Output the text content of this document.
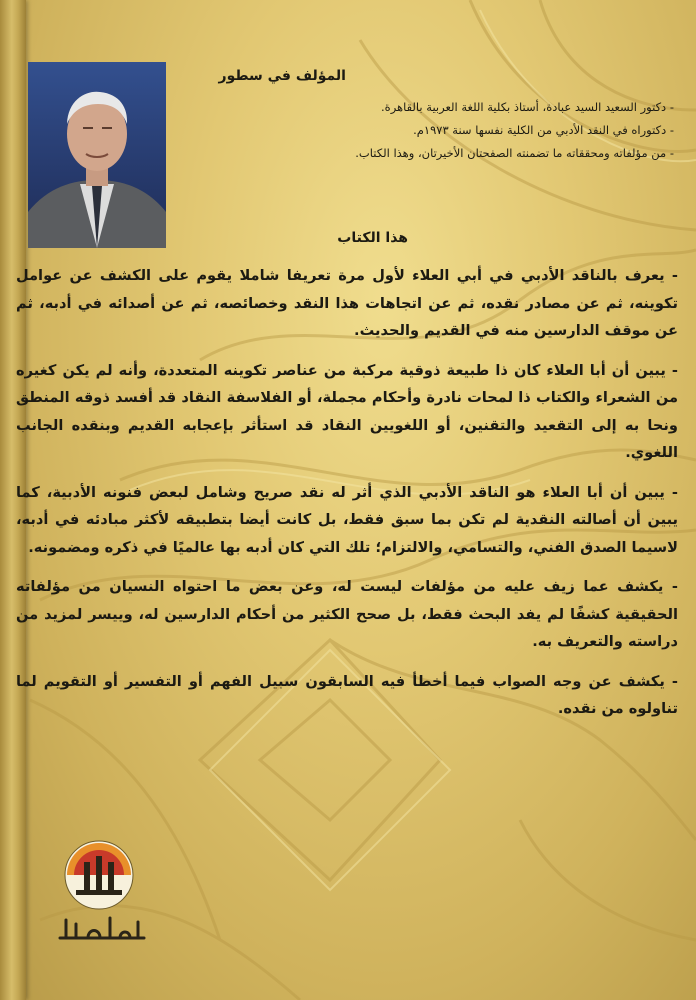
المؤلف في سطور
- دكتور السعيد السيد عبادة، أستاذ بكلية اللغة العربية بالقاهرة.
- دكتوراه في النقد الأدبي من الكلية نفسها سنة ١٩٧٣م.
- من مؤلفاته ومحققاته ما تضمنته الصفحتان الأخيرتان، وهذا الكتاب.
هذا الكتاب

- يعرف بالناقد الأدبي في أبي العلاء لأول مرة تعريفا شاملا يقوم على الكشف عن عوامل تكوينه، ثم عن مصادر نقده، ثم عن اتجاهات هذا النقد وخصائصه، ثم عن أصدائه في أدبه، ثم عن موقف الدارسين منه في القديم والحديث.

- يبين أن أبا العلاء كان ذا طبيعة ذوقية مركبة من عناصر تكوينه المتعددة، وأنه لم يكن كغيره من الشعراء والكتاب ذا لمحات نادرة وأحكام مجملة، أو الفلاسفة النقاد قد أفسد ذوقه المنطق ونحا به إلى التقعيد والتقنين، أو اللغويين النقاد قد استأثر بإعجابه القديم وبنقده الجانب اللغوي.

- يبين أن أبا العلاء هو الناقد الأدبي الذي أثر له نقد صريح وشامل لبعض فنونه الأدبية، كما يبين أن أصالته النقدية لم تكن بما سبق فقط، بل كانت أيضا بتطبيقه لأكثر مبادئه في أدبه، لاسيما الصدق الفني، والتسامي، والالتزام؛ تلك التي كان أدبه بها عالميًا في ذكره ومضمونه.

- يكشف عما زيف عليه من مؤلفات ليست له، وعن بعض ما احتواه النسيان من مؤلفاته الحقيقية كشفًا لم يفد البحث فقط، بل صحح الكثير من أحكام الدارسين له، وييسر لمزيد من دراسته والتعريف به.

- يكشف عن وجه الصواب فيما أخطأ فيه السابقون سبيل الفهم أو التفسير أو التقويم لما تناولوه من نقده.
